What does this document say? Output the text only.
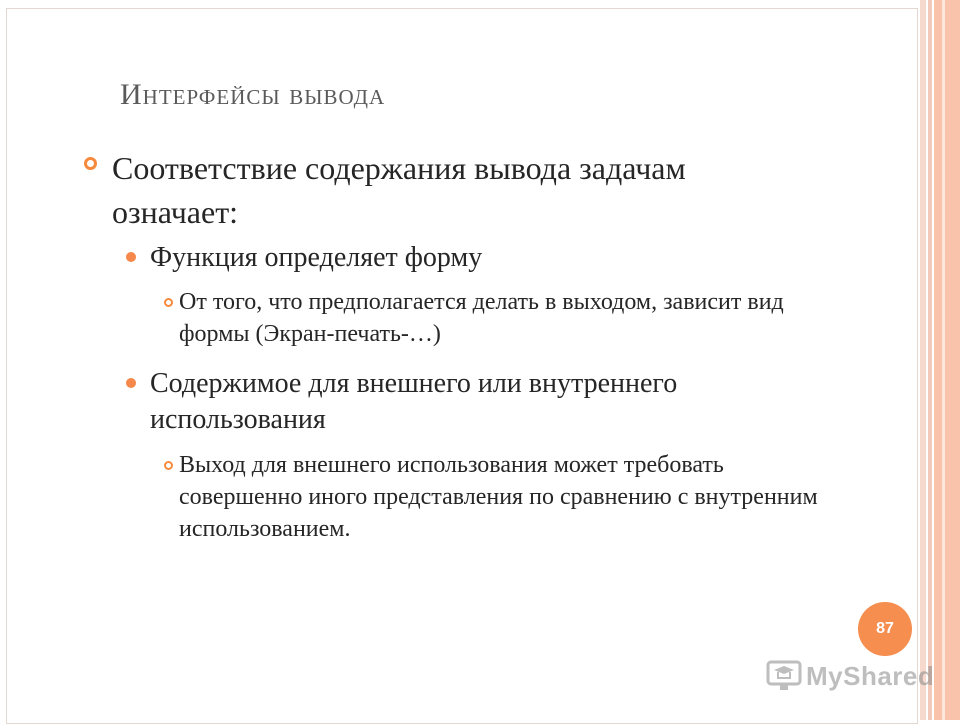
Интерфейсы вывода
Соответствие содержания вывода задачам означает:
Функция определяет форму
От того, что предполагается делать в выходом, зависит вид формы (Экран-печать-…)
Содержимое для внешнего или внутреннего использования
Выход для внешнего использования может требовать совершенно иного представления по сравнению с внутренним использованием.
87
MyShared
